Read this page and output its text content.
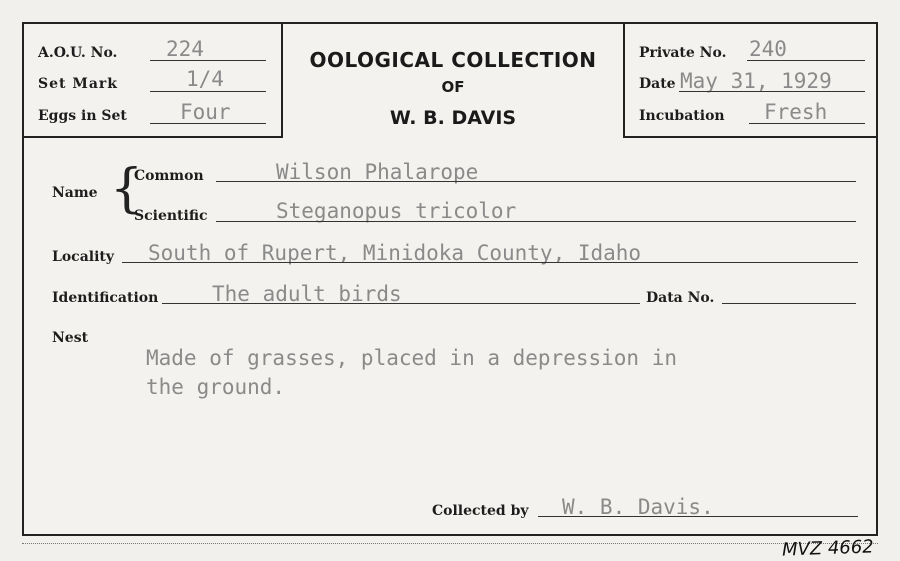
A.O.U. No. 224
Set Mark	1/4
Eggs in Set	Four
OOLOGICAL COLLECTION
OF
W. B. DAVIS
Private No. 240
Date May 31, 1929
Incubation Fresh
Name {
Common	Wilson Phalarope
Scientific	Steganopus tricolor
Locality South of Rupert, Minidoka County, Idaho
Identification	The adult birds	Data No.
Nest
Made of grasses, placed in a depression in
the ground.
Collected by W. B. Davis.
MVZ 4662
